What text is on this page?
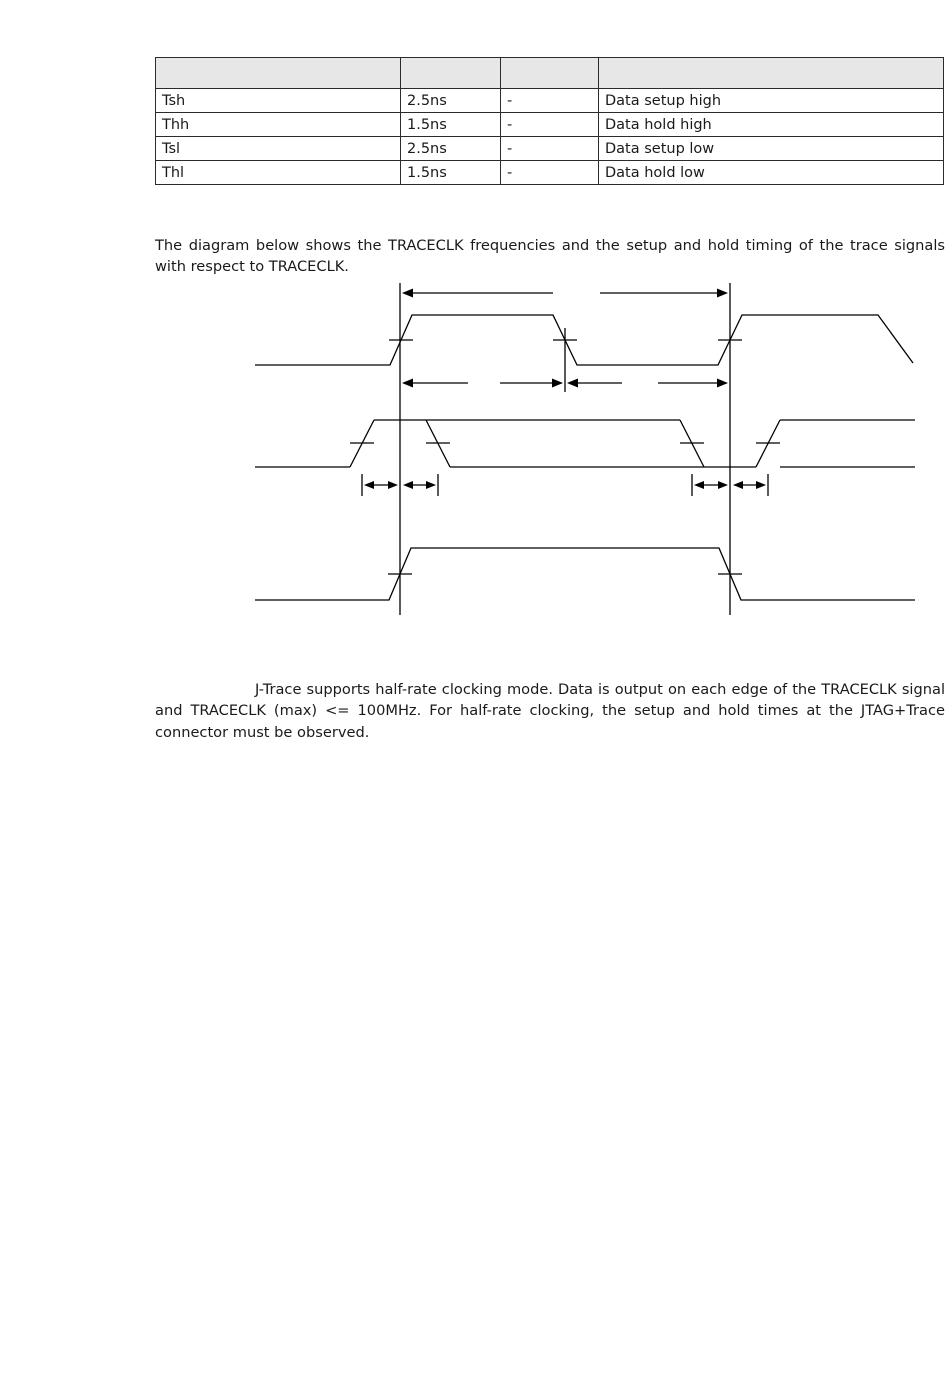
Tsh	2.5ns	-	Data setup high
Thh	1.5ns	-	Data hold high
Tsl	2.5ns	-	Data setup low
Thl	1.5ns	-	Data hold low

The diagram below shows the TRACECLK frequencies and the setup and hold timing of the trace signals with respect to TRACECLK.

J-Trace supports half-rate clocking mode. Data is output on each edge of the TRACECLK signal and TRACECLK (max) <= 100MHz. For half-rate clocking, the setup and hold times at the JTAG+Trace connector must be observed.
